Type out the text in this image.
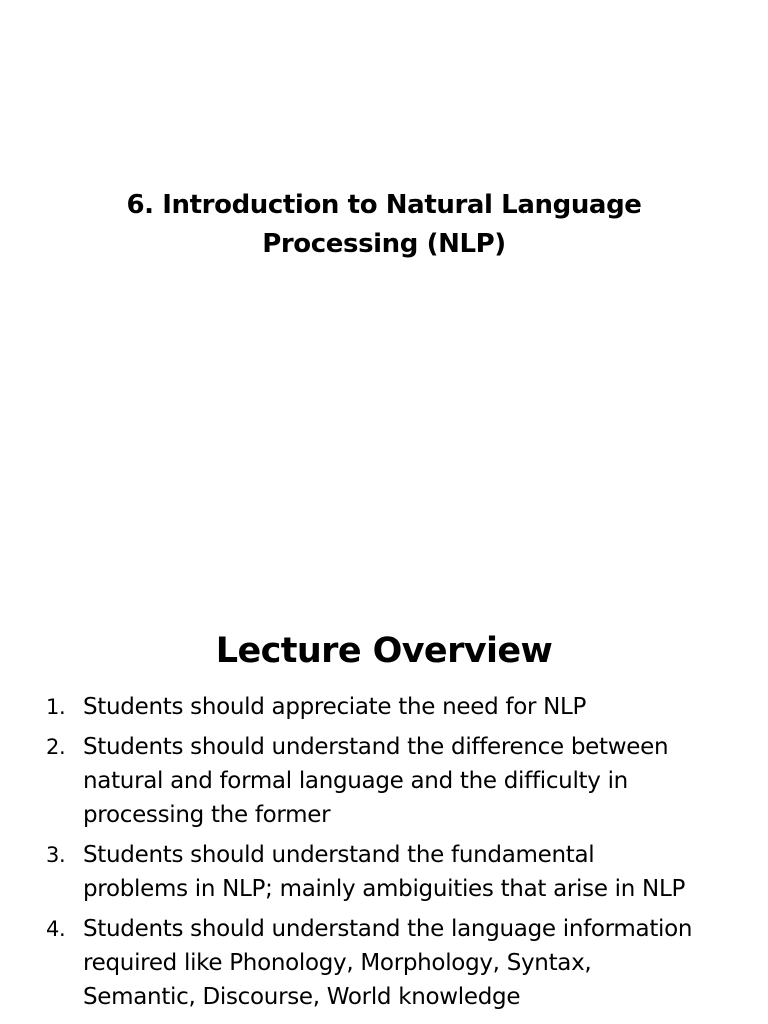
6. Introduction to Natural Language
Processing (NLP)
Lecture Overview
1. Students should appreciate the need for NLP
2. Students should understand the difference between
natural and formal language and the difficulty in
processing the former
3. Students should understand the fundamental
problems in NLP; mainly ambiguities that arise in NLP
4. Students should understand the language information
required like Phonology, Morphology, Syntax,
Semantic, Discourse, World knowledge
